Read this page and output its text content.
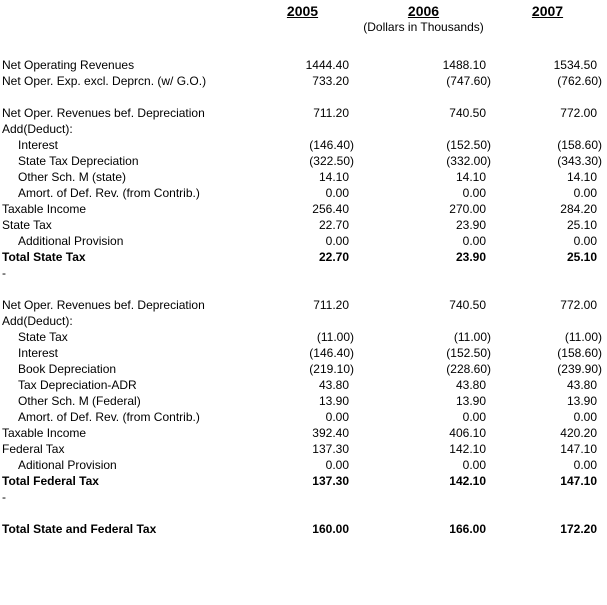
	2005	2006	2007
		(Dollars in Thousands)	

Net Operating Revenues	1444.40	1488.10	1534.50
Net Oper. Exp. excl. Deprcn. (w/ G.O.)	733.20	(747.60)	(762.60)

Net Oper. Revenues bef. Depreciation	711.20	740.50	772.00
Add(Deduct):			
Interest	(146.40)	(152.50)	(158.60)
State Tax Depreciation	(322.50)	(332.00)	(343.30)
Other Sch. M (state)	14.10	14.10	14.10
Amort. of Def. Rev. (from Contrib.)	0.00	0.00	0.00
Taxable Income	256.40	270.00	284.20
State Tax	22.70	23.90	25.10
Additional Provision	0.00	0.00	0.00
Total State Tax	22.70	23.90	25.10
-			

Net Oper. Revenues bef. Depreciation	711.20	740.50	772.00
Add(Deduct):			
State Tax	(11.00)	(11.00)	(11.00)
Interest	(146.40)	(152.50)	(158.60)
Book Depreciation	(219.10)	(228.60)	(239.90)
Tax Depreciation-ADR	43.80	43.80	43.80
Other Sch. M (Federal)	13.90	13.90	13.90
Amort. of Def. Rev. (from Contrib.)	0.00	0.00	0.00
Taxable Income	392.40	406.10	420.20
Federal Tax	137.30	142.10	147.10
Aditional Provision	0.00	0.00	0.00
Total Federal Tax	137.30	142.10	147.10
-			

Total State and Federal Tax	160.00	166.00	172.20
